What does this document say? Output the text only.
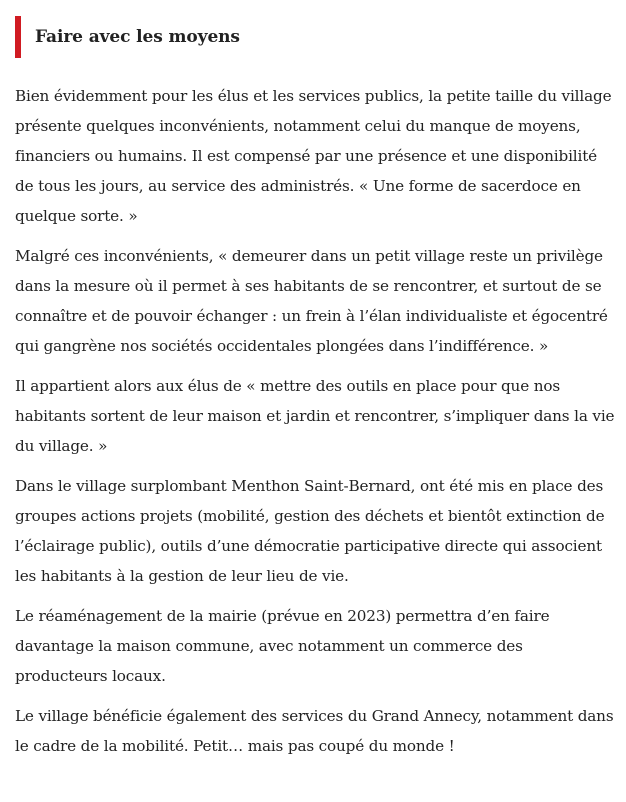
Faire avec les moyens

Bien évidemment pour les élus et les services publics, la petite taille du village présente quelques inconvénients, notamment celui du manque de moyens, financiers ou humains. Il est compensé par une présence et une disponibilité de tous les jours, au service des administrés. « Une forme de sacerdoce en quelque sorte. »

Malgré ces inconvénients, « demeurer dans un petit village reste un privilège dans la mesure où il permet à ses habitants de se rencontrer, et surtout de se connaître et de pouvoir échanger : un frein à l’élan individualiste et égocentré qui gangrène nos sociétés occidentales plongées dans l’indifférence. »

Il appartient alors aux élus de « mettre des outils en place pour que nos habitants sortent de leur maison et jardin et rencontrer, s’impliquer dans la vie du village. »

Dans le village surplombant Menthon Saint-Bernard, ont été mis en place des groupes actions projets (mobilité, gestion des déchets et bientôt extinction de l’éclairage public), outils d’une démocratie participative directe qui associent les habitants à la gestion de leur lieu de vie.

Le réaménagement de la mairie (prévue en 2023) permettra d’en faire davantage la maison commune, avec notamment un commerce des producteurs locaux.

Le village bénéficie également des services du Grand Annecy, notamment dans le cadre de la mobilité. Petit… mais pas coupé du monde !
